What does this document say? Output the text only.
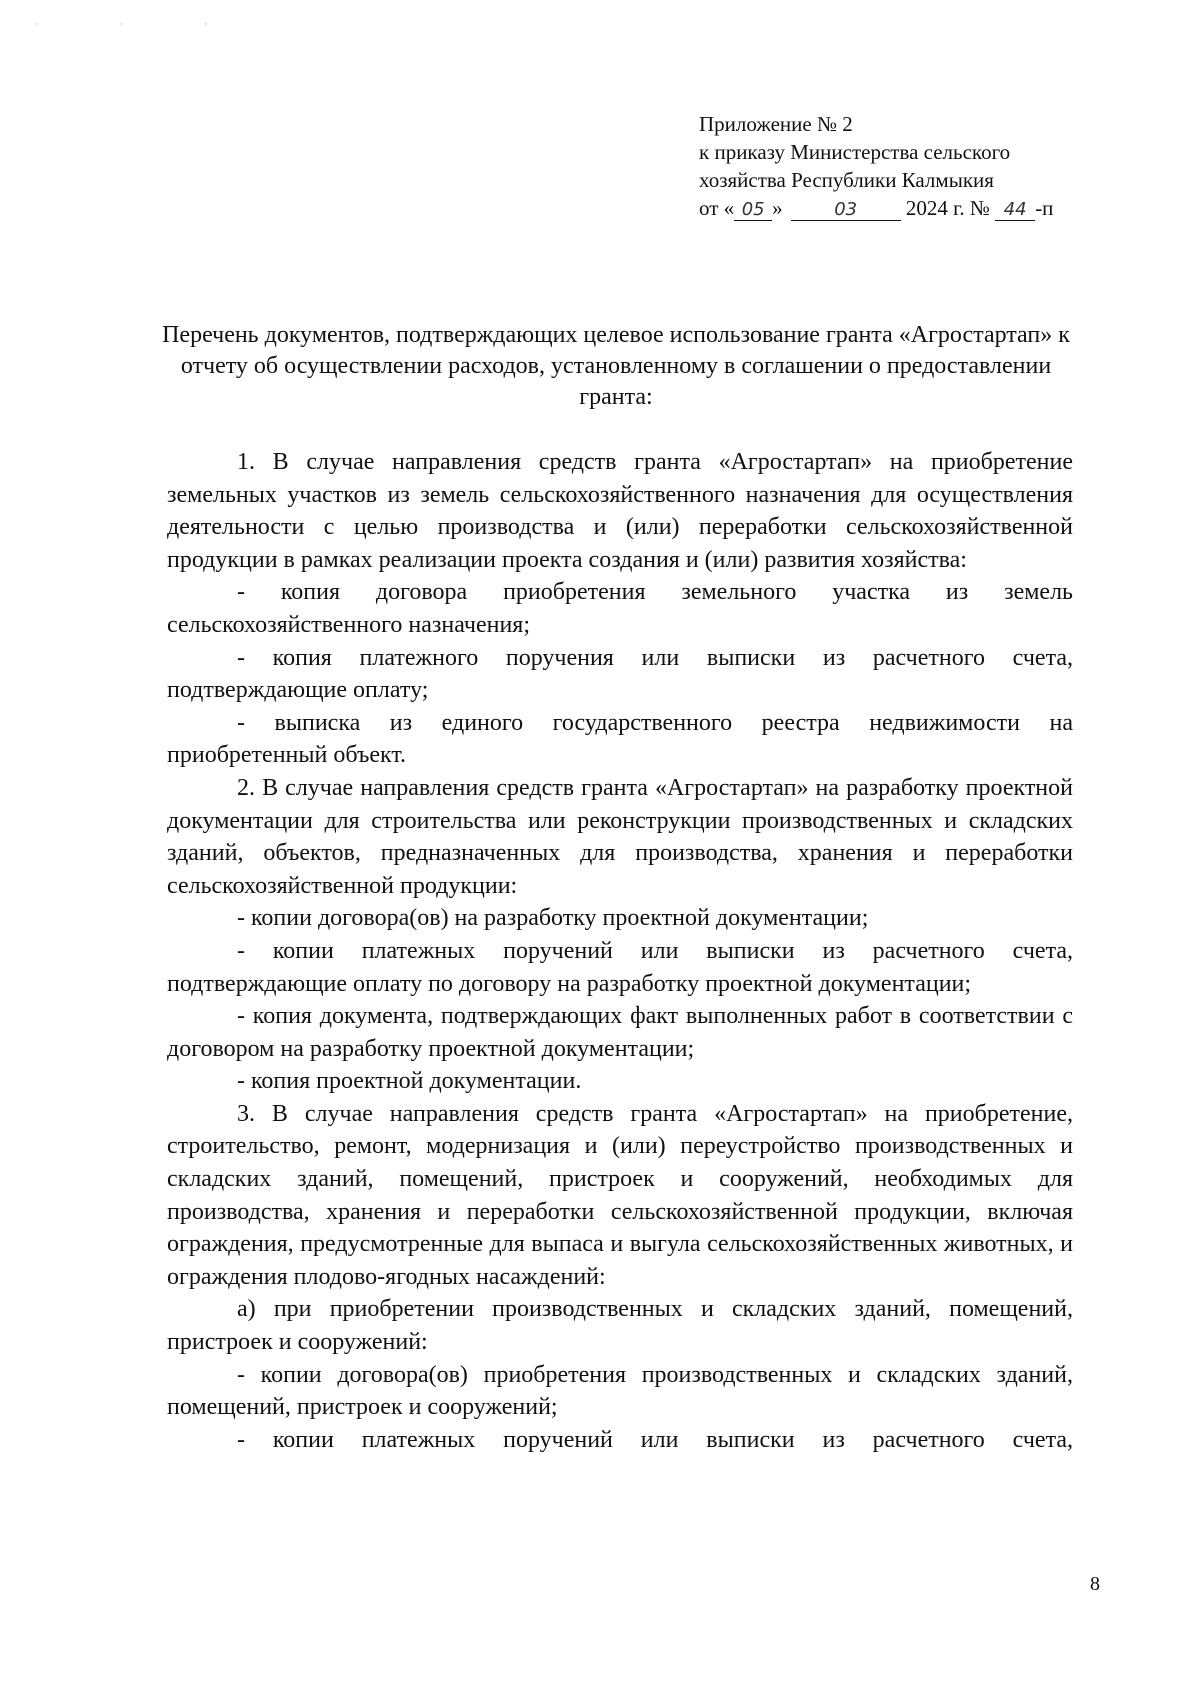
' ' '
Приложение № 2
к приказу Министерства сельского
хозяйства Республики Калмыкия
от « 05 »	03 2024 г. № 44 -п
Перечень документов, подтверждающих целевое использование гранта «Агростартап» к отчету об осуществлении расходов, установленному в соглашении о предоставлении гранта:

1. В случае направления средств гранта «Агростартап» на приобретение земельных участков из земель сельскохозяйственного назначения для осуществления деятельности с целью производства и (или) переработки сельскохозяйственной продукции в рамках реализации проекта создания и (или) развития хозяйства:

- копия договора приобретения земельного участка из земель сельскохозяйственного назначения;

- копия платежного поручения или выписки из расчетного счета, подтверждающие оплату;

- выписка из единого государственного реестра недвижимости на приобретенный объект.

2. В случае направления средств гранта «Агростартап» на разработку проектной документации для строительства или реконструкции производственных и складских зданий, объектов, предназначенных для производства, хранения и переработки сельскохозяйственной продукции:

- копии договора(ов) на разработку проектной документации;

- копии платежных поручений или выписки из расчетного счета, подтверждающие оплату по договору на разработку проектной документации;

- копия документа, подтверждающих факт выполненных работ в соответствии с договором на разработку проектной документации;

- копия проектной документации.

3. В случае направления средств гранта «Агростартап» на приобретение, строительство, ремонт, модернизация и (или) переустройство производственных и складских зданий, помещений, пристроек и сооружений, необходимых для производства, хранения и переработки сельскохозяйственной продукции, включая ограждения, предусмотренные для выпаса и выгула сельскохозяйственных животных, и ограждения плодово-ягодных насаждений:

а) при приобретении производственных и складских зданий, помещений, пристроек и сооружений:

- копии договора(ов) приобретения производственных и складских зданий, помещений, пристроек и сооружений;

- копии платежных поручений или выписки из расчетного счета,

8
